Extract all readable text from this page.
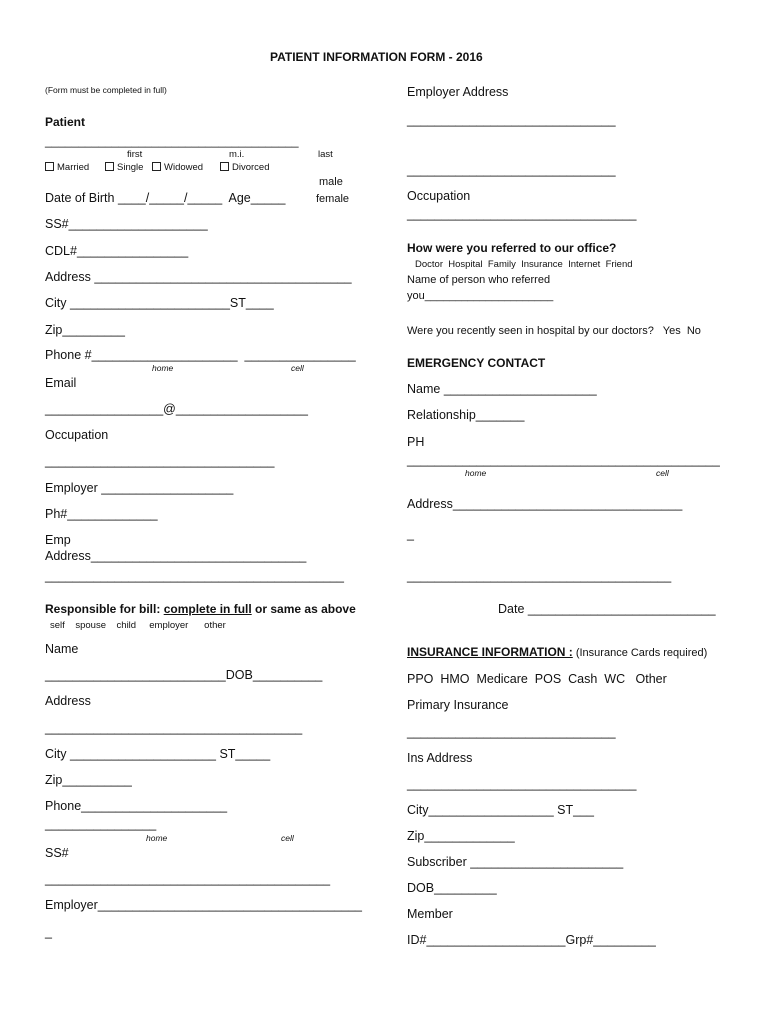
PATIENT INFORMATION FORM - 2016
(Form must be completed in full)
Patient
______________________________________
first	m.i.	last
Married	Single	Widowed	Divorced
male
female
Date of Birth ____/_____/_____  Age_____
SS#____________________
CDL#________________
Address _____________________________________
City _______________________ST____
Zip_________
Phone #_____________________  ________________
home	cell
Email
_________________@___________________
Occupation
_________________________________
Employer ___________________
Ph#_____________
Emp
Address_______________________________
___________________________________________
Responsible for bill: complete in full or same as above
self    spouse    child     employer      other
Name
__________________________DOB__________
Address
_____________________________________
City _____________________ ST_____
Zip__________
Phone_____________________
________________
home	cell
SS#
_________________________________________
Employer______________________________________
_
Employer Address
______________________________
______________________________
Occupation
_________________________________
How were you referred to our office?
Doctor  Hospital  Family  Insurance  Internet  Friend
Name of person who referred
you_____________________
Were you recently seen in hospital by our doctors?   Yes  No
EMERGENCY CONTACT
Name ______________________
Relationship_______
PH
_____________________________________________
home	cell
Address_________________________________
_
______________________________________
Date ___________________________
INSURANCE INFORMATION : (Insurance Cards required)
PPO  HMO  Medicare  POS  Cash  WC   Other
Primary Insurance
______________________________
Ins Address
_________________________________
City__________________ ST___
Zip_____________
Subscriber ______________________
DOB_________
Member
ID#____________________Grp#_________
